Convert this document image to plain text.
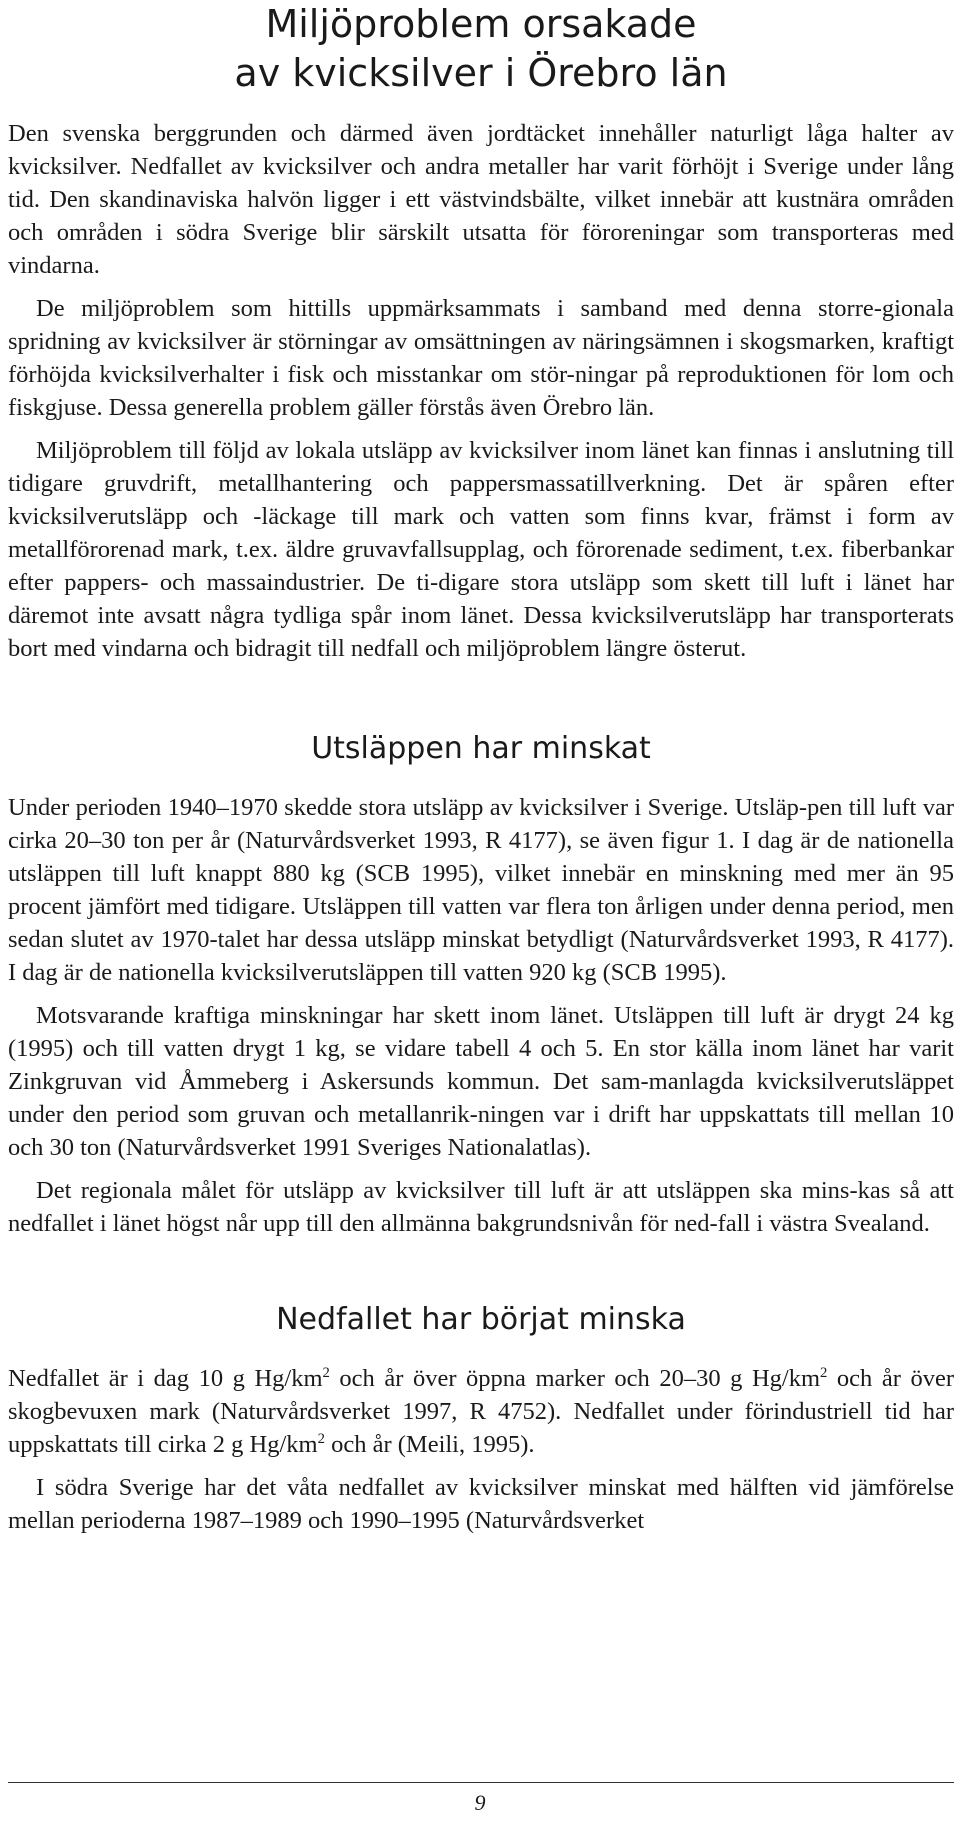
Miljöproblem orsakade
av kvicksilver i Örebro län

Den svenska berggrunden och därmed även jordtäcket innehåller naturligt låga halter av kvicksilver. Nedfallet av kvicksilver och andra metaller har varit förhöjt i Sverige under lång tid. Den skandinaviska halvön ligger i ett västvindsbälte, vilket innebär att kustnära områden och områden i södra Sverige blir särskilt utsatta för föroreningar som transporteras med vindarna.

De miljöproblem som hittills uppmärksammats i samband med denna storre-gionala spridning av kvicksilver är störningar av omsättningen av näringsämnen i skogsmarken, kraftigt förhöjda kvicksilverhalter i fisk och misstankar om stör-ningar på reproduktionen för lom och fiskgjuse. Dessa generella problem gäller förstås även Örebro län.

Miljöproblem till följd av lokala utsläpp av kvicksilver inom länet kan finnas i anslutning till tidigare gruvdrift, metallhantering och pappersmassatillverkning. Det är spåren efter kvicksilverutsläpp och -läckage till mark och vatten som finns kvar, främst i form av metallförorenad mark, t.ex. äldre gruvavfallsupplag, och förorenade sediment, t.ex. fiberbankar efter pappers- och massaindustrier. De ti-digare stora utsläpp som skett till luft i länet har däremot inte avsatt några tydliga spår inom länet. Dessa kvicksilverutsläpp har transporterats bort med vindarna och bidragit till nedfall och miljöproblem längre österut.

Utsläppen har minskat

Under perioden 1940–1970 skedde stora utsläpp av kvicksilver i Sverige. Utsläp-pen till luft var cirka 20–30 ton per år (Naturvårdsverket 1993, R 4177), se även figur 1. I dag är de nationella utsläppen till luft knappt 880 kg (SCB 1995), vilket innebär en minskning med mer än 95 procent jämfört med tidigare. Utsläppen till vatten var flera ton årligen under denna period, men sedan slutet av 1970-talet har dessa utsläpp minskat betydligt (Naturvårdsverket 1993, R 4177). I dag är de nationella kvicksilverutsläppen till vatten 920 kg (SCB 1995).

Motsvarande kraftiga minskningar har skett inom länet. Utsläppen till luft är drygt 24 kg (1995) och till vatten drygt 1 kg, se vidare tabell 4 och 5. En stor källa inom länet har varit Zinkgruvan vid Åmmeberg i Askersunds kommun. Det sam-manlagda kvicksilverutsläppet under den period som gruvan och metallanrik-ningen var i drift har uppskattats till mellan 10 och 30 ton (Naturvårdsverket 1991 Sveriges Nationalatlas).

Det regionala målet för utsläpp av kvicksilver till luft är att utsläppen ska mins-kas så att nedfallet i länet högst når upp till den allmänna bakgrundsnivån för ned-fall i västra Svealand.

Nedfallet har börjat minska

Nedfallet är i dag 10 g $Hg/km^2$ och år över öppna marker och 20–30 g $Hg/km^2$ och år över skogbevuxen mark (Naturvårdsverket 1997, R 4752). Nedfallet under förindustriell tid har uppskattats till cirka 2 g $Hg/km^2$ och år (Meili, 1995).

I södra Sverige har det våta nedfallet av kvicksilver minskat med hälften vid jämförelse mellan perioderna 1987–1989 och 1990–1995 (Naturvårdsverket

9
